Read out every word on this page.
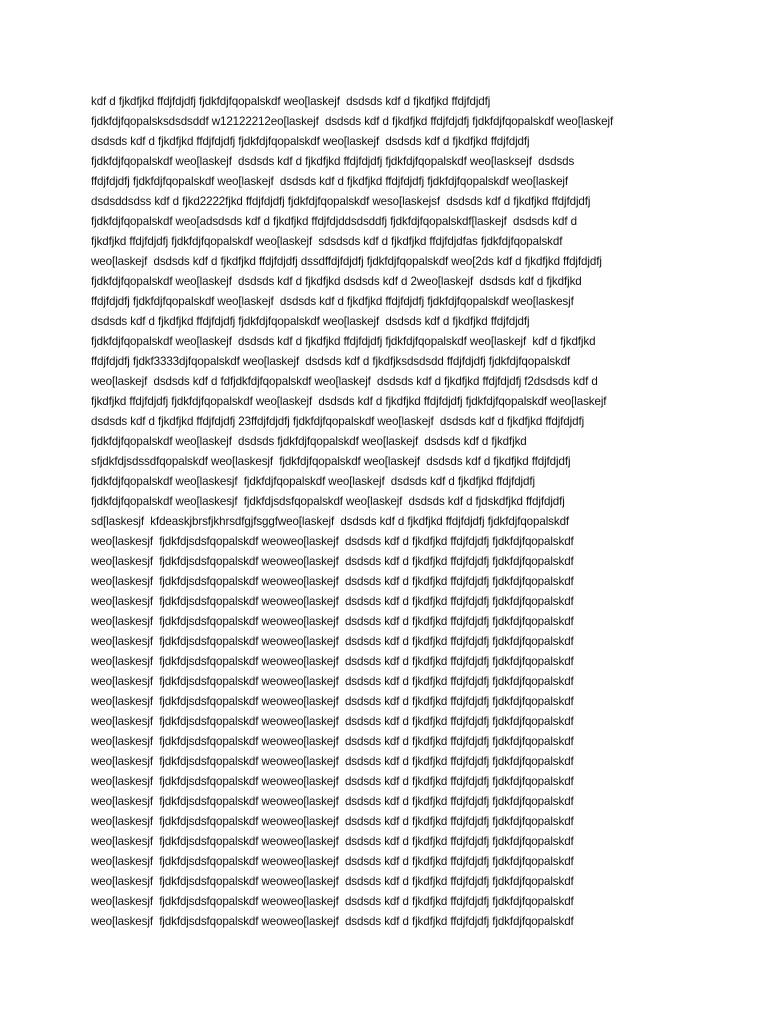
kdf d fjkdfjkd ffdjfdjdfj fjdkfdjfqopalskdf weo[laskejf  dsdsds kdf d fjkdfjkd ffdjfdjdfj
fjdkfdjfqopalsksdsdsddf w12122212eo[laskejf  dsdsds kdf d fjkdfjkd ffdjfdjdfj fjdkfdjfqopalskdf weo[laskejf
dsdsds kdf d fjkdfjkd ffdjfdjdfj fjdkfdjfqopalskdf weo[laskejf  dsdsds kdf d fjkdfjkd ffdjfdjdfj
fjdkfdjfqopalskdf weo[laskejf  dsdsds kdf d fjkdfjkd ffdjfdjdfj fjdkfdjfqopalskdf weo[lasksejf  dsdsds
ffdjfdjdfj fjdkfdjfqopalskdf weo[laskejf  dsdsds kdf d fjkdfjkd ffdjfdjdfj fjdkfdjfqopalskdf weo[laskejf
dsdsddsdss kdf d fjkd2222fjkd ffdjfdjdfj fjdkfdjfqopalskdf weso[laskejsf  dsdsds kdf d fjkdfjkd ffdjfdjdfj
fjdkfdjfqopalskdf weo[adsdsds kdf d fjkdfjkd ffdjfdjddsdsddfj fjdkfdjfqopalskdf[laskejf  dsdsds kdf d
fjkdfjkd ffdjfdjdfj fjdkfdjfqopalskdf weo[laskejf  sdsdsds kdf d fjkdfjkd ffdjfdjdfas fjdkfdjfqopalskdf
weo[laskejf  dsdsds kdf d fjkdfjkd ffdjfdjdfj dssdffdjfdjdfj fjdkfdjfqopalskdf weo[2ds kdf d fjkdfjkd ffdjfdjdfj
fjdkfdjfqopalskdf weo[laskejf  dsdsds kdf d fjkdfjkd dsdsds kdf d 2weo[laskejf  dsdsds kdf d fjkdfjkd
ffdjfdjdfj fjdkfdjfqopalskdf weo[laskejf  dsdsds kdf d fjkdfjkd ffdjfdjdfj fjdkfdjfqopalskdf weo[laskesjf
dsdsds kdf d fjkdfjkd ffdjfdjdfj fjdkfdjfqopalskdf weo[laskejf  dsdsds kdf d fjkdfjkd ffdjfdjdfj
fjdkfdjfqopalskdf weo[laskejf  dsdsds kdf d fjkdfjkd ffdjfdjdfj fjdkfdjfqopalskdf weo[laskejf  kdf d fjkdfjkd
ffdjfdjdfj fjdkf3333djfqopalskdf weo[laskejf  dsdsds kdf d fjkdfjksdsdsdd ffdjfdjdfj fjdkfdjfqopalskdf
weo[laskejf  dsdsds kdf d fdfjdkfdjfqopalskdf weo[laskejf  dsdsds kdf d fjkdfjkd ffdjfdjdfj f2dsdsds kdf d
fjkdfjkd ffdjfdjdfj fjdkfdjfqopalskdf weo[laskejf  dsdsds kdf d fjkdfjkd ffdjfdjdfj fjdkfdjfqopalskdf weo[laskejf
dsdsds kdf d fjkdfjkd ffdjfdjdfj 23ffdjfdjdfj fjdkfdjfqopalskdf weo[laskejf  dsdsds kdf d fjkdfjkd ffdjfdjdfj
fjdkfdjfqopalskdf weo[laskejf  dsdsds fjdkfdjfqopalskdf weo[laskejf  dsdsds kdf d fjkdfjkd
sfjdkfdjsdssdfqopalskdf weo[laskesjf  fjdkfdjfqopalskdf weo[laskejf  dsdsds kdf d fjkdfjkd ffdjfdjdfj
fjdkfdjfqopalskdf weo[laskesjf  fjdkfdjfqopalskdf weo[laskejf  dsdsds kdf d fjkdfjkd ffdjfdjdfj
fjdkfdjfqopalskdf weo[laskesjf  fjdkfdjsdsfqopalskdf weo[laskejf  dsdsds kdf d fjdskdfjkd ffdjfdjdfj
sd[laskesjf  kfdeaskjbrsfjkhrsdfgjfsggfweo[laskejf  dsdsds kdf d fjkdfjkd ffdjfdjdfj fjdkfdjfqopalskdf
weo[laskesjf  fjdkfdjsdsfqopalskdf weoweo[laskejf  dsdsds kdf d fjkdfjkd ffdjfdjdfj fjdkfdjfqopalskdf
weo[laskesjf  fjdkfdjsdsfqopalskdf weoweo[laskejf  dsdsds kdf d fjkdfjkd ffdjfdjdfj fjdkfdjfqopalskdf
weo[laskesjf  fjdkfdjsdsfqopalskdf weoweo[laskejf  dsdsds kdf d fjkdfjkd ffdjfdjdfj fjdkfdjfqopalskdf
weo[laskesjf  fjdkfdjsdsfqopalskdf weoweo[laskejf  dsdsds kdf d fjkdfjkd ffdjfdjdfj fjdkfdjfqopalskdf
weo[laskesjf  fjdkfdjsdsfqopalskdf weoweo[laskejf  dsdsds kdf d fjkdfjkd ffdjfdjdfj fjdkfdjfqopalskdf
weo[laskesjf  fjdkfdjsdsfqopalskdf weoweo[laskejf  dsdsds kdf d fjkdfjkd ffdjfdjdfj fjdkfdjfqopalskdf
weo[laskesjf  fjdkfdjsdsfqopalskdf weoweo[laskejf  dsdsds kdf d fjkdfjkd ffdjfdjdfj fjdkfdjfqopalskdf
weo[laskesjf  fjdkfdjsdsfqopalskdf weoweo[laskejf  dsdsds kdf d fjkdfjkd ffdjfdjdfj fjdkfdjfqopalskdf
weo[laskesjf  fjdkfdjsdsfqopalskdf weoweo[laskejf  dsdsds kdf d fjkdfjkd ffdjfdjdfj fjdkfdjfqopalskdf
weo[laskesjf  fjdkfdjsdsfqopalskdf weoweo[laskejf  dsdsds kdf d fjkdfjkd ffdjfdjdfj fjdkfdjfqopalskdf
weo[laskesjf  fjdkfdjsdsfqopalskdf weoweo[laskejf  dsdsds kdf d fjkdfjkd ffdjfdjdfj fjdkfdjfqopalskdf
weo[laskesjf  fjdkfdjsdsfqopalskdf weoweo[laskejf  dsdsds kdf d fjkdfjkd ffdjfdjdfj fjdkfdjfqopalskdf
weo[laskesjf  fjdkfdjsdsfqopalskdf weoweo[laskejf  dsdsds kdf d fjkdfjkd ffdjfdjdfj fjdkfdjfqopalskdf
weo[laskesjf  fjdkfdjsdsfqopalskdf weoweo[laskejf  dsdsds kdf d fjkdfjkd ffdjfdjdfj fjdkfdjfqopalskdf
weo[laskesjf  fjdkfdjsdsfqopalskdf weoweo[laskejf  dsdsds kdf d fjkdfjkd ffdjfdjdfj fjdkfdjfqopalskdf
weo[laskesjf  fjdkfdjsdsfqopalskdf weoweo[laskejf  dsdsds kdf d fjkdfjkd ffdjfdjdfj fjdkfdjfqopalskdf
weo[laskesjf  fjdkfdjsdsfqopalskdf weoweo[laskejf  dsdsds kdf d fjkdfjkd ffdjfdjdfj fjdkfdjfqopalskdf
weo[laskesjf  fjdkfdjsdsfqopalskdf weoweo[laskejf  dsdsds kdf d fjkdfjkd ffdjfdjdfj fjdkfdjfqopalskdf
weo[laskesjf  fjdkfdjsdsfqopalskdf weoweo[laskejf  dsdsds kdf d fjkdfjkd ffdjfdjdfj fjdkfdjfqopalskdf
weo[laskesjf  fjdkfdjsdsfqopalskdf weoweo[laskejf  dsdsds kdf d fjkdfjkd ffdjfdjdfj fjdkfdjfqopalskdf
